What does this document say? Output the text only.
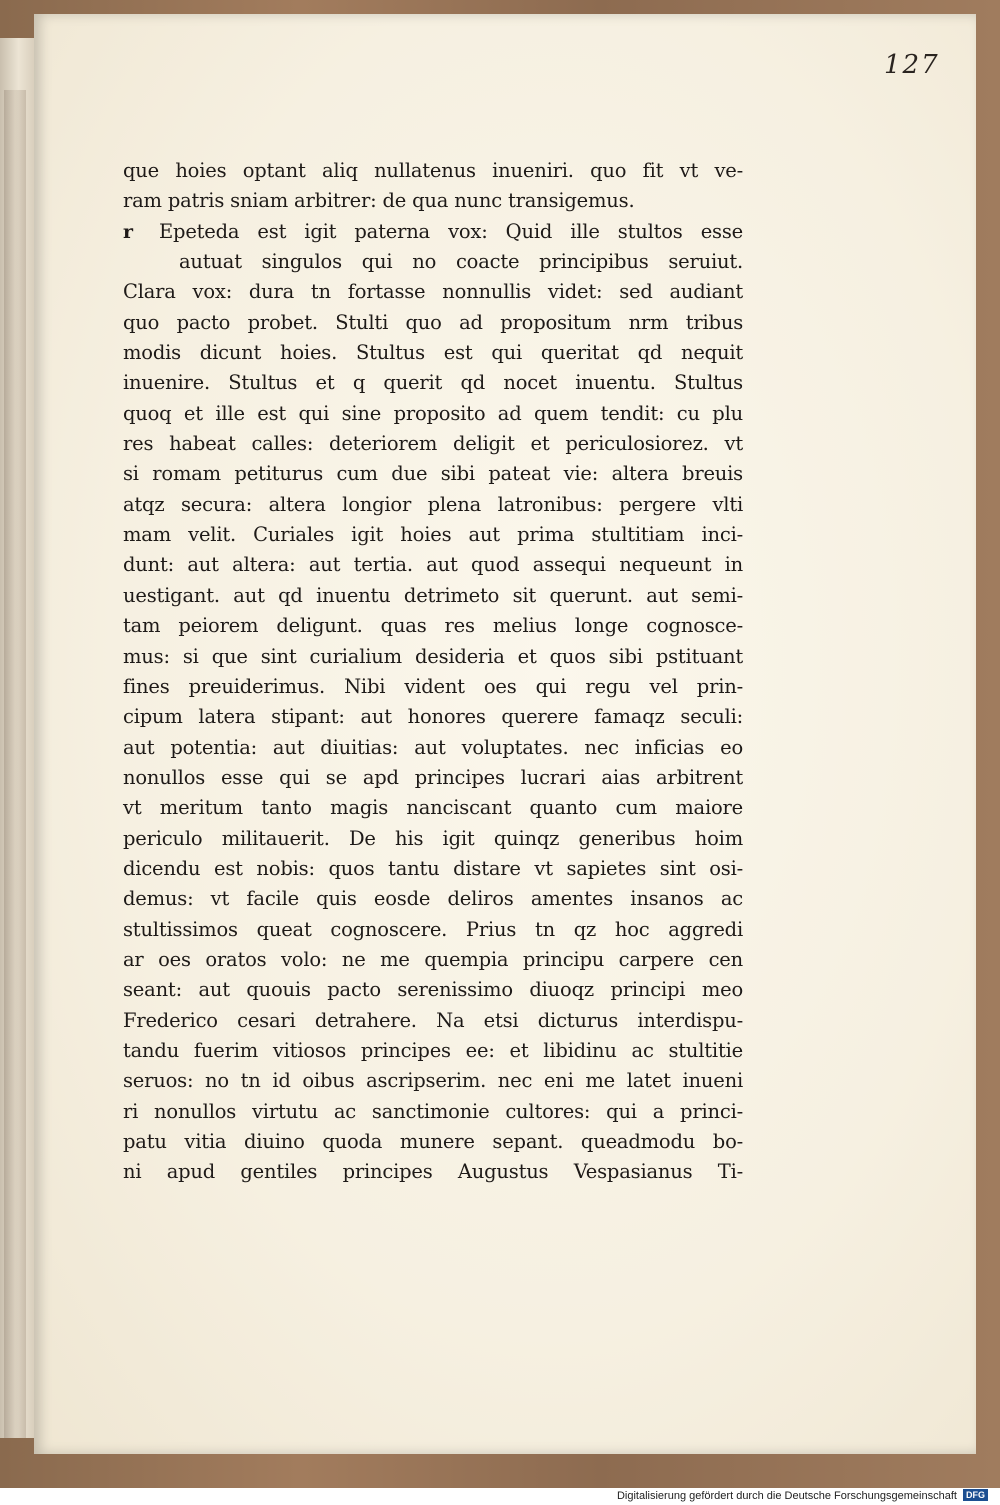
127
que hoies optant aliq nullatenus inueniri. quo fit vt ve-
ram patris sniam arbitrer: de qua nunc transigemus.
r Epeteda est igit paterna vox: Quid ille stultos esse
autuat singulos qui no coacte principibus seruiut.
Clara vox: dura tn fortasse nonnullis videt: sed audiant
quo pacto probet. Stulti quo ad propositum nrm tribus
modis dicunt hoies. Stultus est qui queritat qd nequit
inuenire. Stultus et q querit qd nocet inuentu. Stultus
quoq et ille est qui sine proposito ad quem tendit: cu plu
res habeat calles: deteriorem deligit et periculosiorez. vt
si romam petiturus cum due sibi pateat vie: altera breuis
atqz secura: altera longior plena latronibus: pergere vlti
mam velit. Curiales igit hoies aut prima stultitiam inci-
dunt: aut altera: aut tertia. aut quod assequi nequeunt in
uestigant. aut qd inuentu detrimeto sit querunt. aut semi-
tam peiorem deligunt. quas res melius longe cognosce-
mus: si que sint curialium desideria et quos sibi pstituant
fines preuiderimus. Nibi vident oes qui regu vel prin-
cipum latera stipant: aut honores querere famaqz seculi:
aut potentia: aut diuitias: aut voluptates. nec inficias eo
nonullos esse qui se apd principes lucrari aias arbitrent
vt meritum tanto magis nanciscant quanto cum maiore
periculo militauerit. De his igit quinqz generibus hoim
dicendu est nobis: quos tantu distare vt sapietes sint osi-
demus: vt facile quis eosde deliros amentes insanos ac
stultissimos queat cognoscere. Prius tn qz hoc aggredi
ar oes oratos volo: ne me quempia principu carpere cen
seant: aut quouis pacto serenissimo diuoqz principi meo
Frederico cesari detrahere. Na etsi dicturus interdispu-
tandu fuerim vitiosos principes ee: et libidinu ac stultitie
seruos: no tn id oibus ascripserim. nec eni me latet inueni
ri nonullos virtutu ac sanctimonie cultores: qui a princi-
patu vitia diuino quoda munere sepant. queadmodu bo-
ni apud gentiles principes Augustus Vespasianus Ti-
Digitalisierung gefördert durch die Deutsche Forschungsgemeinschaft DFG
